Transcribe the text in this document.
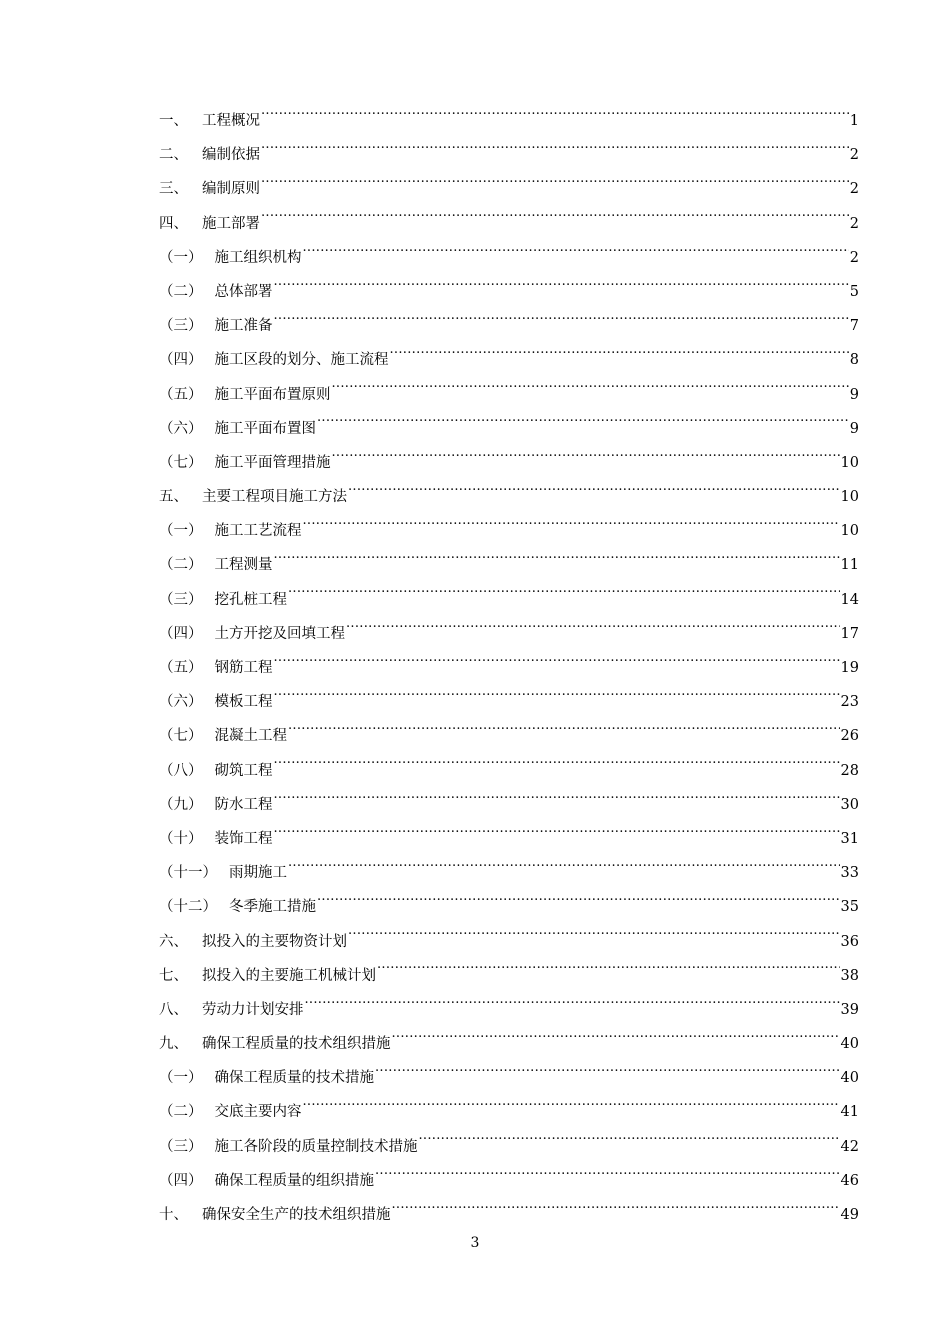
一、 工程概况 .....	1
二、 编制依据 .....	2
三、 编制原则 .....	2
四、 施工部署 .....	2
（一） 施工组织机构 .....	2
（二） 总体部署 .....	5
（三） 施工准备 .....	7
（四） 施工区段的划分、施工流程 .....	8
（五） 施工平面布置原则 .....	9
（六） 施工平面布置图 .....	9
（七） 施工平面管理措施 .....	10
五、 主要工程项目施工方法 .....	10
（一） 施工工艺流程 .....	10
（二） 工程测量 .....	11
（三） 挖孔桩工程 .....	14
（四） 土方开挖及回填工程 .....	17
（五） 钢筋工程 .....	19
（六） 模板工程 .....	23
（七） 混凝土工程 .....	26
（八） 砌筑工程 .....	28
（九） 防水工程 .....	30
（十） 装饰工程 .....	31
（十一） 雨期施工 .....	33
（十二） 冬季施工措施 .....	35
六、 拟投入的主要物资计划 .....	36
七、 拟投入的主要施工机械计划 .....	38
八、 劳动力计划安排 .....	39
九、 确保工程质量的技术组织措施 .....	40
（一） 确保工程质量的技术措施 .....	40
（二） 交底主要内容 .....	41
（三） 施工各阶段的质量控制技术措施 .....	42
（四） 确保工程质量的组织措施 .....	46
十、 确保安全生产的技术组织措施 .....	49
3
